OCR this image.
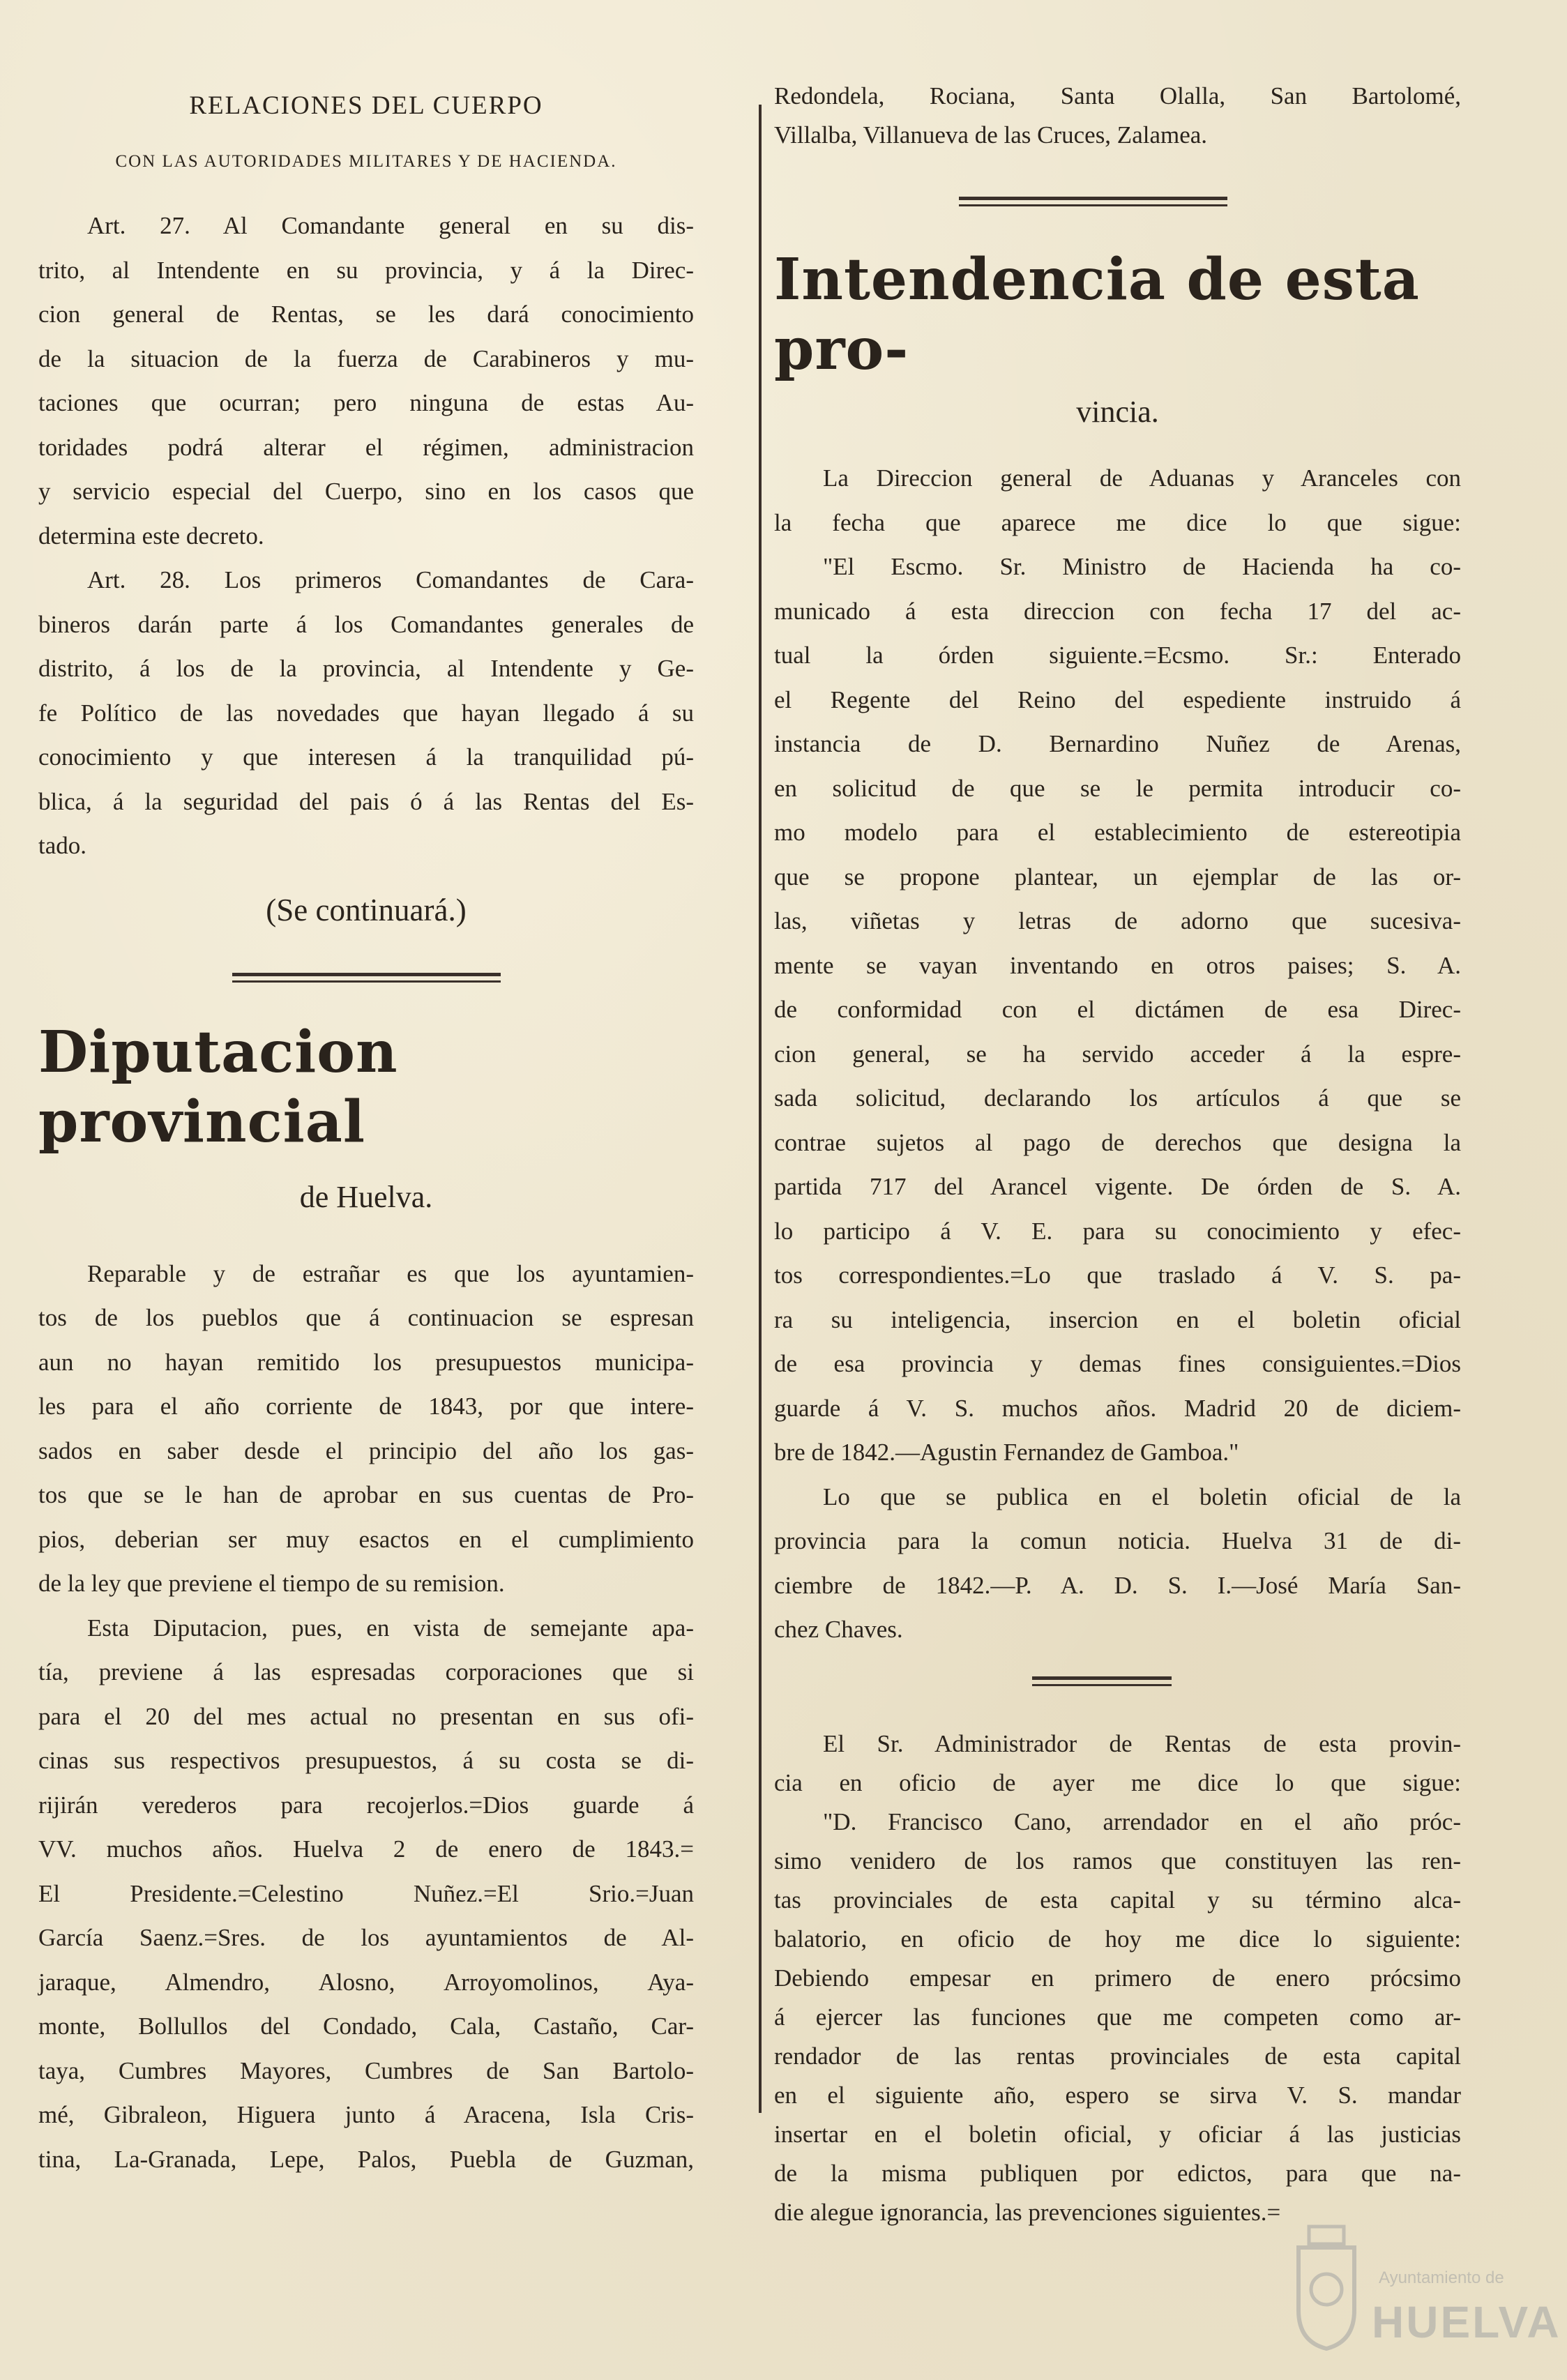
RELACIONES DEL CUERPO

CON LAS AUTORIDADES MILITARES Y DE HACIENDA.

Art. 27. Al Comandante general en su dis-

trito, al Intendente en su provincia, y á la Direc-

cion general de Rentas, se les dará conocimiento

de la situacion de la fuerza de Carabineros y mu-

taciones que ocurran; pero ninguna de estas Au-

toridades podrá alterar el régimen, administracion

y servicio especial del Cuerpo, sino en los casos que

determina este decreto.

Art. 28. Los primeros Comandantes de Cara-

bineros darán parte á los Comandantes generales de

distrito, á los de la provincia, al Intendente y Ge-

fe Político de las novedades que hayan llegado á su

conocimiento y que interesen á la tranquilidad pú-

blica, á la seguridad del pais ó á las Rentas del Es-

tado.

(Se continuará.)

Diputacion provincial

de Huelva.

Reparable y de estrañar es que los ayuntamien-

tos de los pueblos que á continuacion se espresan

aun no hayan remitido los presupuestos municipa-

les para el año corriente de 1843, por que intere-

sados en saber desde el principio del año los gas-

tos que se le han de aprobar en sus cuentas de Pro-

pios, deberian ser muy esactos en el cumplimiento

de la ley que previene el tiempo de su remision.

Esta Diputacion, pues, en vista de semejante apa-

tía, previene á las espresadas corporaciones que si

para el 20 del mes actual no presentan en sus ofi-

cinas sus respectivos presupuestos, á su costa se di-

rijirán verederos para recojerlos.=Dios guarde á

VV. muchos años. Huelva 2 de enero de 1843.=

El Presidente.=Celestino Nuñez.=El Srio.=Juan

García Saenz.=Sres. de los ayuntamientos de Al-

jaraque, Almendro, Alosno, Arroyomolinos, Aya-

monte, Bollullos del Condado, Cala, Castaño, Car-

taya, Cumbres Mayores, Cumbres de San Bartolo-

mé, Gibraleon, Higuera junto á Aracena, Isla Cris-

tina, La-Granada, Lepe, Palos, Puebla de Guzman,

Redondela, Rociana, Santa Olalla, San Bartolomé,

Villalba, Villanueva de las Cruces, Zalamea.

Intendencia de esta pro-

vincia.

La Direccion general de Aduanas y Aranceles con

la fecha que aparece me dice lo que sigue:

"El Escmo. Sr. Ministro de Hacienda ha co-

municado á esta direccion con fecha 17 del ac-

tual la órden siguiente.=Ecsmo. Sr.: Enterado

el Regente del Reino del espediente instruido á

instancia de D. Bernardino Nuñez de Arenas,

en solicitud de que se le permita introducir co-

mo modelo para el establecimiento de estereotipia

que se propone plantear, un ejemplar de las or-

las, viñetas y letras de adorno que sucesiva-

mente se vayan inventando en otros paises; S. A.

de conformidad con el dictámen de esa Direc-

cion general, se ha servido acceder á la espre-

sada solicitud, declarando los artículos á que se

contrae sujetos al pago de derechos que designa la

partida 717 del Arancel vigente. De órden de S. A.

lo participo á V. E. para su conocimiento y efec-

tos correspondientes.=Lo que traslado á V. S. pa-

ra su inteligencia, insercion en el boletin oficial

de esa provincia y demas fines consiguientes.=Dios

guarde á V. S. muchos años. Madrid 20 de diciem-

bre de 1842.—Agustin Fernandez de Gamboa."

Lo que se publica en el boletin oficial de la

provincia para la comun noticia. Huelva 31 de di-

ciembre de 1842.—P. A. D. S. I.—José María San-

chez Chaves.

El Sr. Administrador de Rentas de esta provin-

cia en oficio de ayer me dice lo que sigue:

"D. Francisco Cano, arrendador en el año próc-

simo venidero de los ramos que constituyen las ren-

tas provinciales de esta capital y su término alca-

balatorio, en oficio de hoy me dice lo siguiente:

Debiendo empesar en primero de enero prócsimo

á ejercer las funciones que me competen como ar-

rendador de las rentas provinciales de esta capital

en el siguiente año, espero se sirva V. S. mandar

insertar en el boletin oficial, y oficiar á las justicias

de la misma publiquen por edictos, para que na-

die alegue ignorancia, las prevenciones siguientes.=

Ayuntamiento de
HUELVA
